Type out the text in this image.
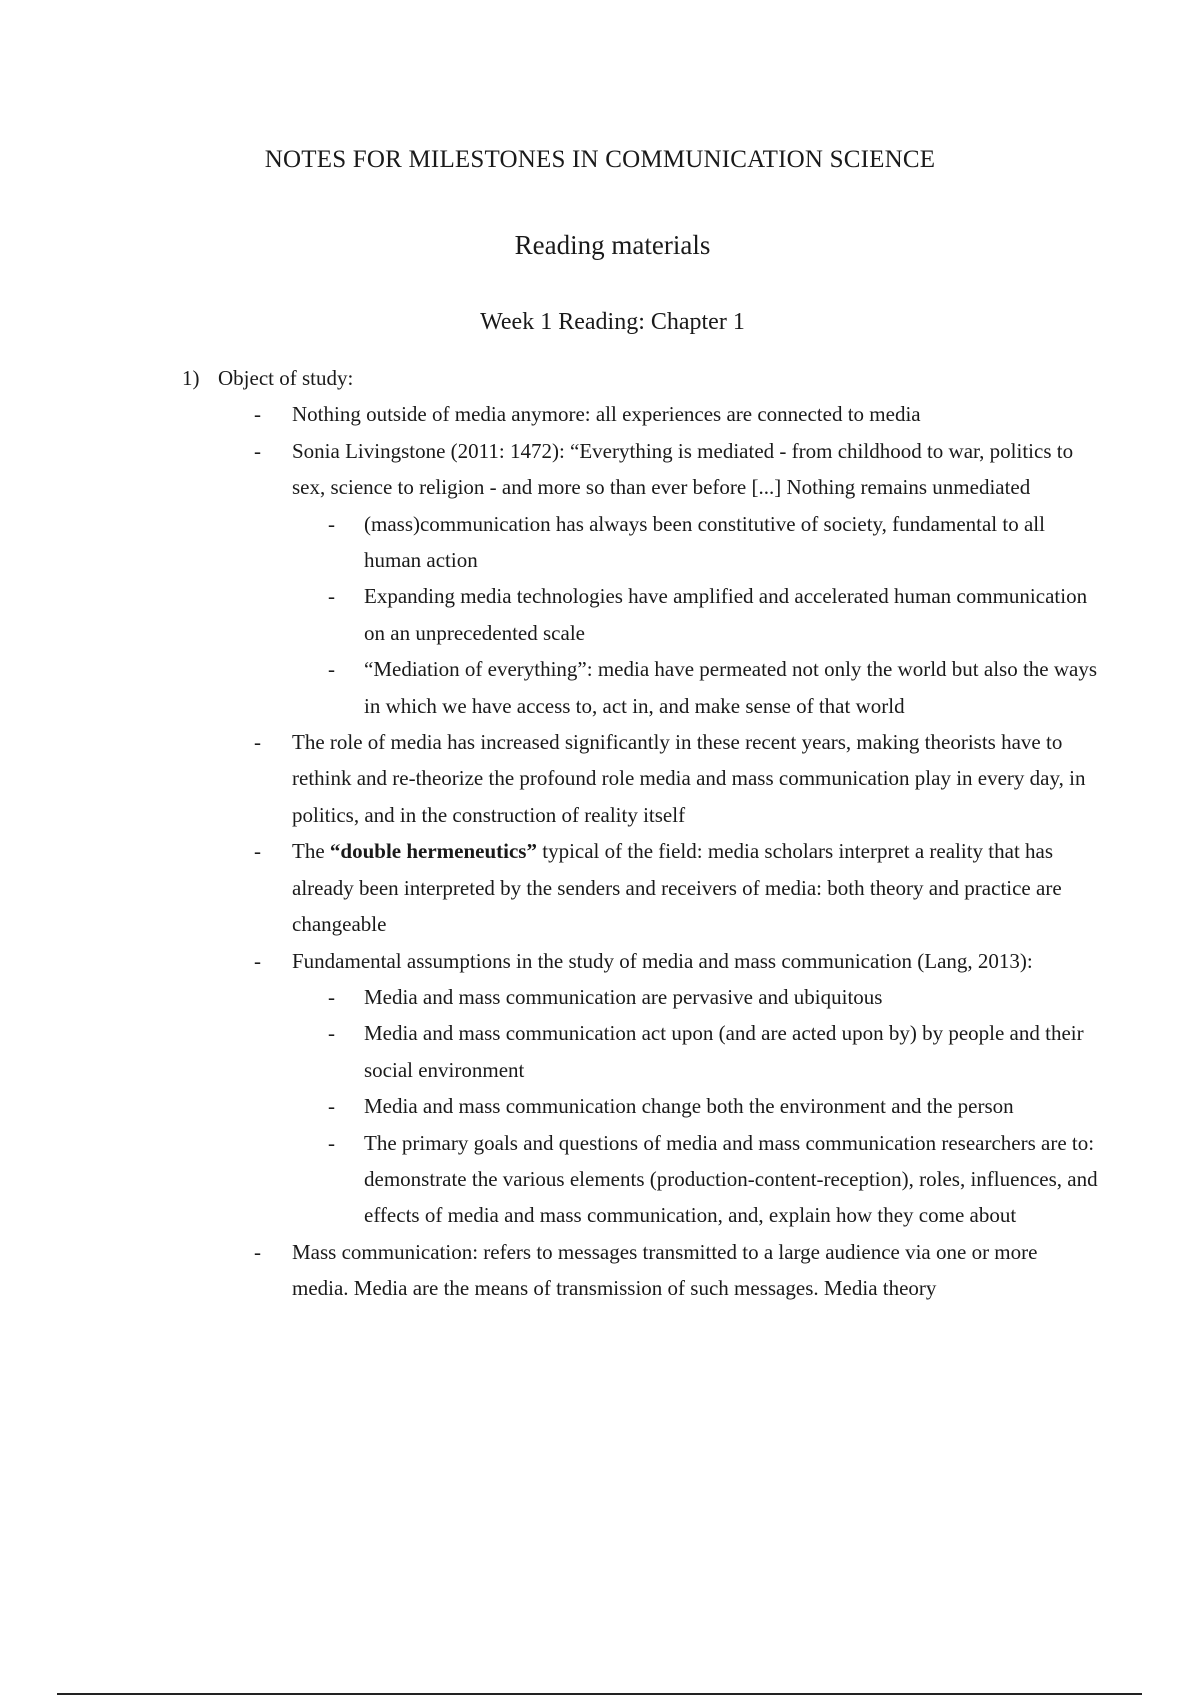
NOTES FOR MILESTONES IN COMMUNICATION SCIENCE
Reading materials
Week 1 Reading: Chapter 1
1) Object of study:
- Nothing outside of media anymore: all experiences are connected to media
- Sonia Livingstone (2011: 1472): “Everything is mediated - from childhood to war, politics to sex, science to religion - and more so than ever before [...] Nothing remains unmediated
- (mass)communication has always been constitutive of society, fundamental to all human action
- Expanding media technologies have amplified and accelerated human communication on an unprecedented scale
- “Mediation of everything”: media have permeated not only the world but also the ways in which we have access to, act in, and make sense of that world
- The role of media has increased significantly in these recent years, making theorists have to rethink and re-theorize the profound role media and mass communication play in every day, in politics, and in the construction of reality itself
- The “double hermeneutics” typical of the field: media scholars interpret a reality that has already been interpreted by the senders and receivers of media: both theory and practice are changeable
- Fundamental assumptions in the study of media and mass communication (Lang, 2013):
- Media and mass communication are pervasive and ubiquitous
- Media and mass communication act upon (and are acted upon by) by people and their social environment
- Media and mass communication change both the environment and the person
- The primary goals and questions of media and mass communication researchers are to: demonstrate the various elements (production-content-reception), roles, influences, and effects of media and mass communication, and, explain how they come about
- Mass communication: refers to messages transmitted to a large audience via one or more media. Media are the means of transmission of such messages. Media theory
